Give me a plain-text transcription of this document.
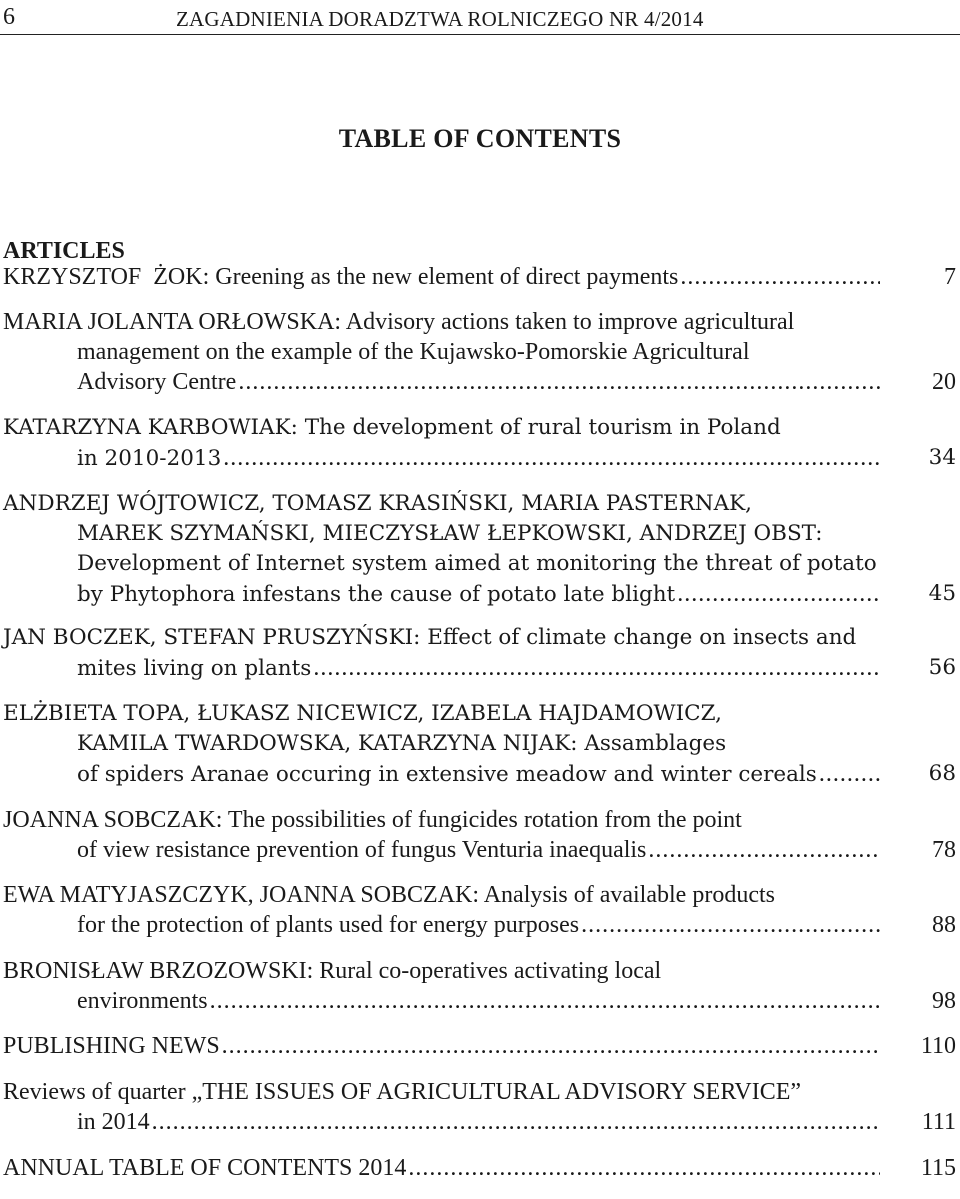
6	ZAGADNIENIA DORADZTWA ROLNICZEGO NR 4/2014
TABLE OF CONTENTS
ARTICLES
KRZYSZTOF  ŻOK: Greening as the new element of direct payments .....	7
MARIA JOLANTA ORŁOWSKA: Advisory actions taken to improve agricultural
management on the example of the Kujawsko-Pomorskie Agricultural
Advisory Centre .....	20
KATARZYNA KARBOWIAK: The development of rural tourism in Poland
in 2010-2013 .....	34
ANDRZEJ WÓJTOWICZ, TOMASZ KRASIŃSKI, MARIA PASTERNAK,
MAREK SZYMAŃSKI, MIECZYSŁAW ŁEPKOWSKI, ANDRZEJ OBST:
Development of Internet system aimed at monitoring the threat of potato
by Phytophora infestans the cause of potato late blight .....	45
JAN BOCZEK, STEFAN PRUSZYŃSKI: Effect of climate change on insects and
mites living on plants .....	56
ELŻBIETA TOPA, ŁUKASZ NICEWICZ, IZABELA HAJDAMOWICZ,
KAMILA TWARDOWSKA, KATARZYNA NIJAK: Assamblages
of spiders Aranae occuring in extensive meadow and winter cereals .....	68
JOANNA SOBCZAK: The possibilities of fungicides rotation from the point
of view resistance prevention of fungus Venturia inaequalis .....	78
EWA MATYJASZCZYK, JOANNA SOBCZAK: Analysis of available products
for the protection of plants used for energy purposes .....	88
BRONISŁAW BRZOZOWSKI: Rural co-operatives activating local
environments .....	98
PUBLISHING NEWS .....	110
Reviews of quarter „THE ISSUES OF AGRICULTURAL ADVISORY SERVICE”
in 2014 .....	111
ANNUAL TABLE OF CONTENTS 2014 .....	115
